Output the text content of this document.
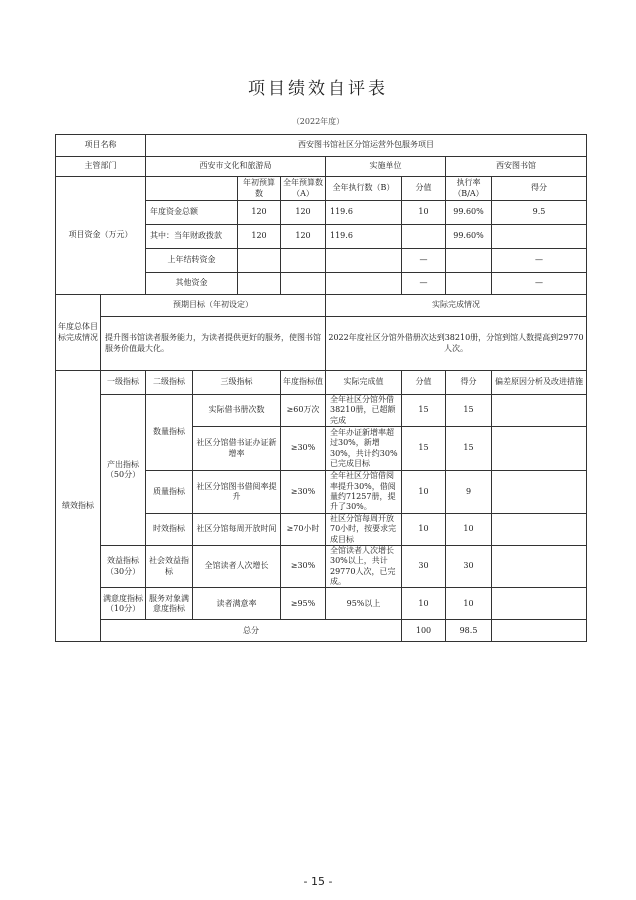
项目绩效自评表
（2022年度）
项目名称		西安图书馆社区分馆运营外包服务项目							
主管部门		西安市文化和旅游局				实施单位		西安图书馆	
项目资金（万元）				年初预算数	全年预算数（A）	全年执行数（B）	分值	执行率（B/A）	得分
		年度资金总额		120	120	119.6	10	99.60%	9.5
		其中：当年财政拨款		120	120	119.6		99.60%	
		上年结转资金					—		—
		其他资金					—		—
年度总体目标完成情况	预期目标（年初设定）					实际完成情况			
	提升图书馆读者服务能力，为读者提供更好的服务，使图书馆服务价值最大化。					2022年度社区分馆外借册次达到38210册，分馆到馆人数提高到29770人次。			
绩效指标	一级指标	二级指标	三级指标		年度指标值	实际完成值	分值	得分	偏差原因分析及改进措施
	产出指标（50分）	数量指标	实际借书册次数		≥60万次	全年社区分馆外借38210册，已超额完成	15	15	
			社区分馆借书证办证新增率		≥30%	全年办证新增率超过30%，新增30%，共计约30%已完成目标	15	15	
		质量指标	社区分馆图书借阅率提升		≥30%	全年社区分馆借阅率提升30%，借阅量约71257册，提升了30%。	10	9	
		时效指标	社区分馆每周开放时间		≥70小时	社区分馆每周开放70小时，按要求完成目标	10	10	
	效益指标（30分）	社会效益指标	全馆读者人次增长		≥30%	全馆读者人次增长30%以上，共计29770人次，已完成。	30	30	
	满意度指标（10分）	服务对象满意度指标	读者满意率		≥95%	95%以上	10	10	
	总分						100	98.5	
- 15 -
